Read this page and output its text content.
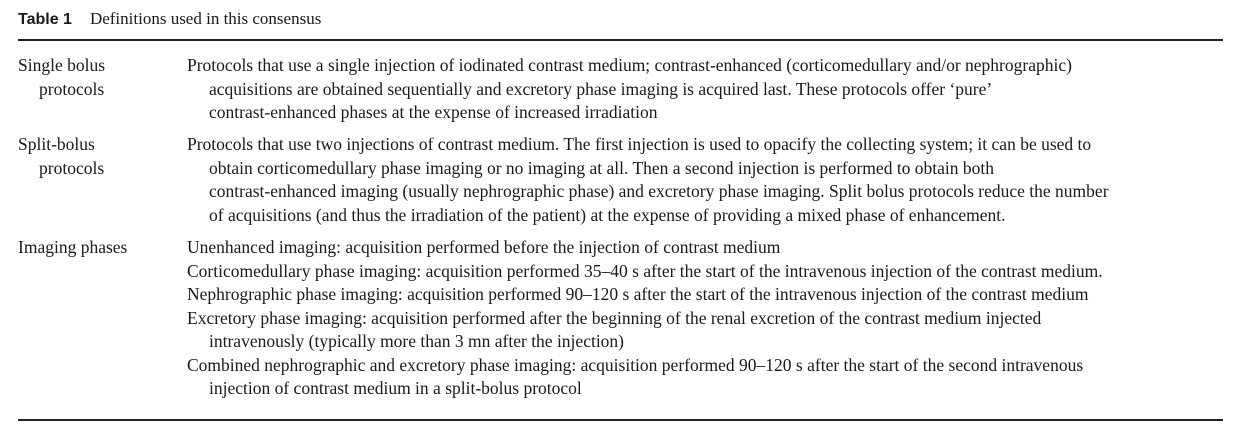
Table 1 Definitions used in this consensus
Single bolus
protocols
Protocols that use a single injection of iodinated contrast medium; contrast-enhanced (corticomedullary and/or nephrographic)
acquisitions are obtained sequentially and excretory phase imaging is acquired last. These protocols offer ‘pure’
contrast-enhanced phases at the expense of increased irradiation
Split-bolus
protocols
Protocols that use two injections of contrast medium. The first injection is used to opacify the collecting system; it can be used to
obtain corticomedullary phase imaging or no imaging at all. Then a second injection is performed to obtain both
contrast-enhanced imaging (usually nephrographic phase) and excretory phase imaging. Split bolus protocols reduce the number
of acquisitions (and thus the irradiation of the patient) at the expense of providing a mixed phase of enhancement.
Imaging phases	Unenhanced imaging: acquisition performed before the injection of contrast medium
Corticomedullary phase imaging: acquisition performed 35–40 s after the start of the intravenous injection of the contrast medium.
Nephrographic phase imaging: acquisition performed 90–120 s after the start of the intravenous injection of the contrast medium
Excretory phase imaging: acquisition performed after the beginning of the renal excretion of the contrast medium injected
intravenously (typically more than 3 mn after the injection)
Combined nephrographic and excretory phase imaging: acquisition performed 90–120 s after the start of the second intravenous
injection of contrast medium in a split-bolus protocol
